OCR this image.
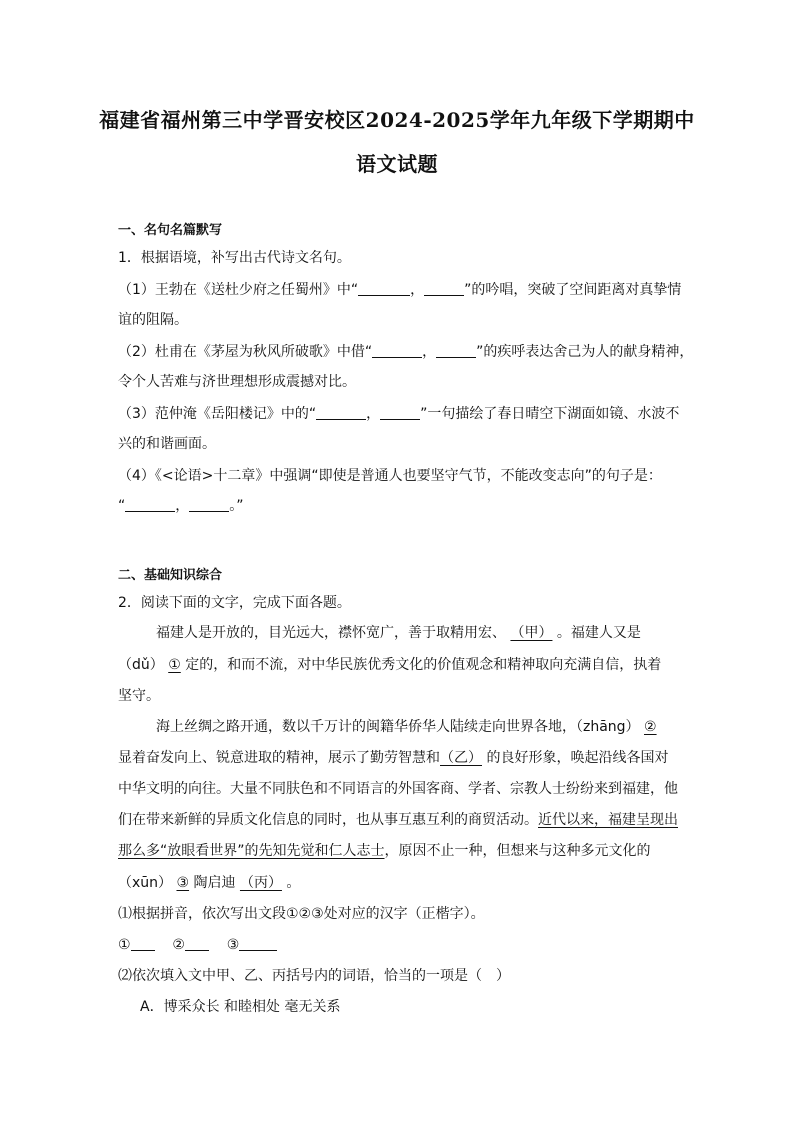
福建省福州第三中学晋安校区2024-2025学年九年级下学期期中
语文试题
一、名句名篇默写
1．根据语境，补写出古代诗文名句。
（1）王勃在《送杜少府之任蜀州》中“	，	”的吟唱，突破了空间距离对真挚情
谊的阻隔。
（2）杜甫在《茅屋为秋风所破歌》中借“	，	”的疾呼表达舍己为人的献身精神，
令个人苦难与济世理想形成震撼对比。
（3）范仲淹《岳阳楼记》中的“	，	”一句描绘了春日晴空下湖面如镜、水波不
兴的和谐画面。
（4）《<论语>十二章》中强调“即使是普通人也要坚守气节，不能改变志向”的句子是：
“	，	。”
二、基础知识综合
2．阅读下面的文字，完成下面各题。
福建人是开放的，目光远大，襟怀宽广，善于取精用宏、 （甲） 。福建人又是
（dǔ） ① 定的，和而不流，对中华民族优秀文化的价值观念和精神取向充满自信，执着
坚守。
海上丝绸之路开通，数以千万计的闽籍华侨华人陆续走向世界各地，（zhāng） ②
显着奋发向上、锐意进取的精神，展示了勤劳智慧和（乙） 的良好形象，唤起沿线各国对
中华文明的向往。大量不同肤色和不同语言的外国客商、学者、宗教人士纷纷来到福建，他
们在带来新鲜的异质文化信息的同时，也从事互惠互利的商贸活动。近代以来，福建呈现出
那么多“放眼看世界”的先知先觉和仁人志士，原因不止一种，但想来与这种多元文化的
（xūn） ③ 陶启迪 （丙） 。
⑴根据拼音，依次写出文段①②③处对应的汉字（正楷字）。
①	②	③
⑵依次填入文中甲、乙、丙括号内的词语，恰当的一项是（　）
A．博采众长 和睦相处 毫无关系
